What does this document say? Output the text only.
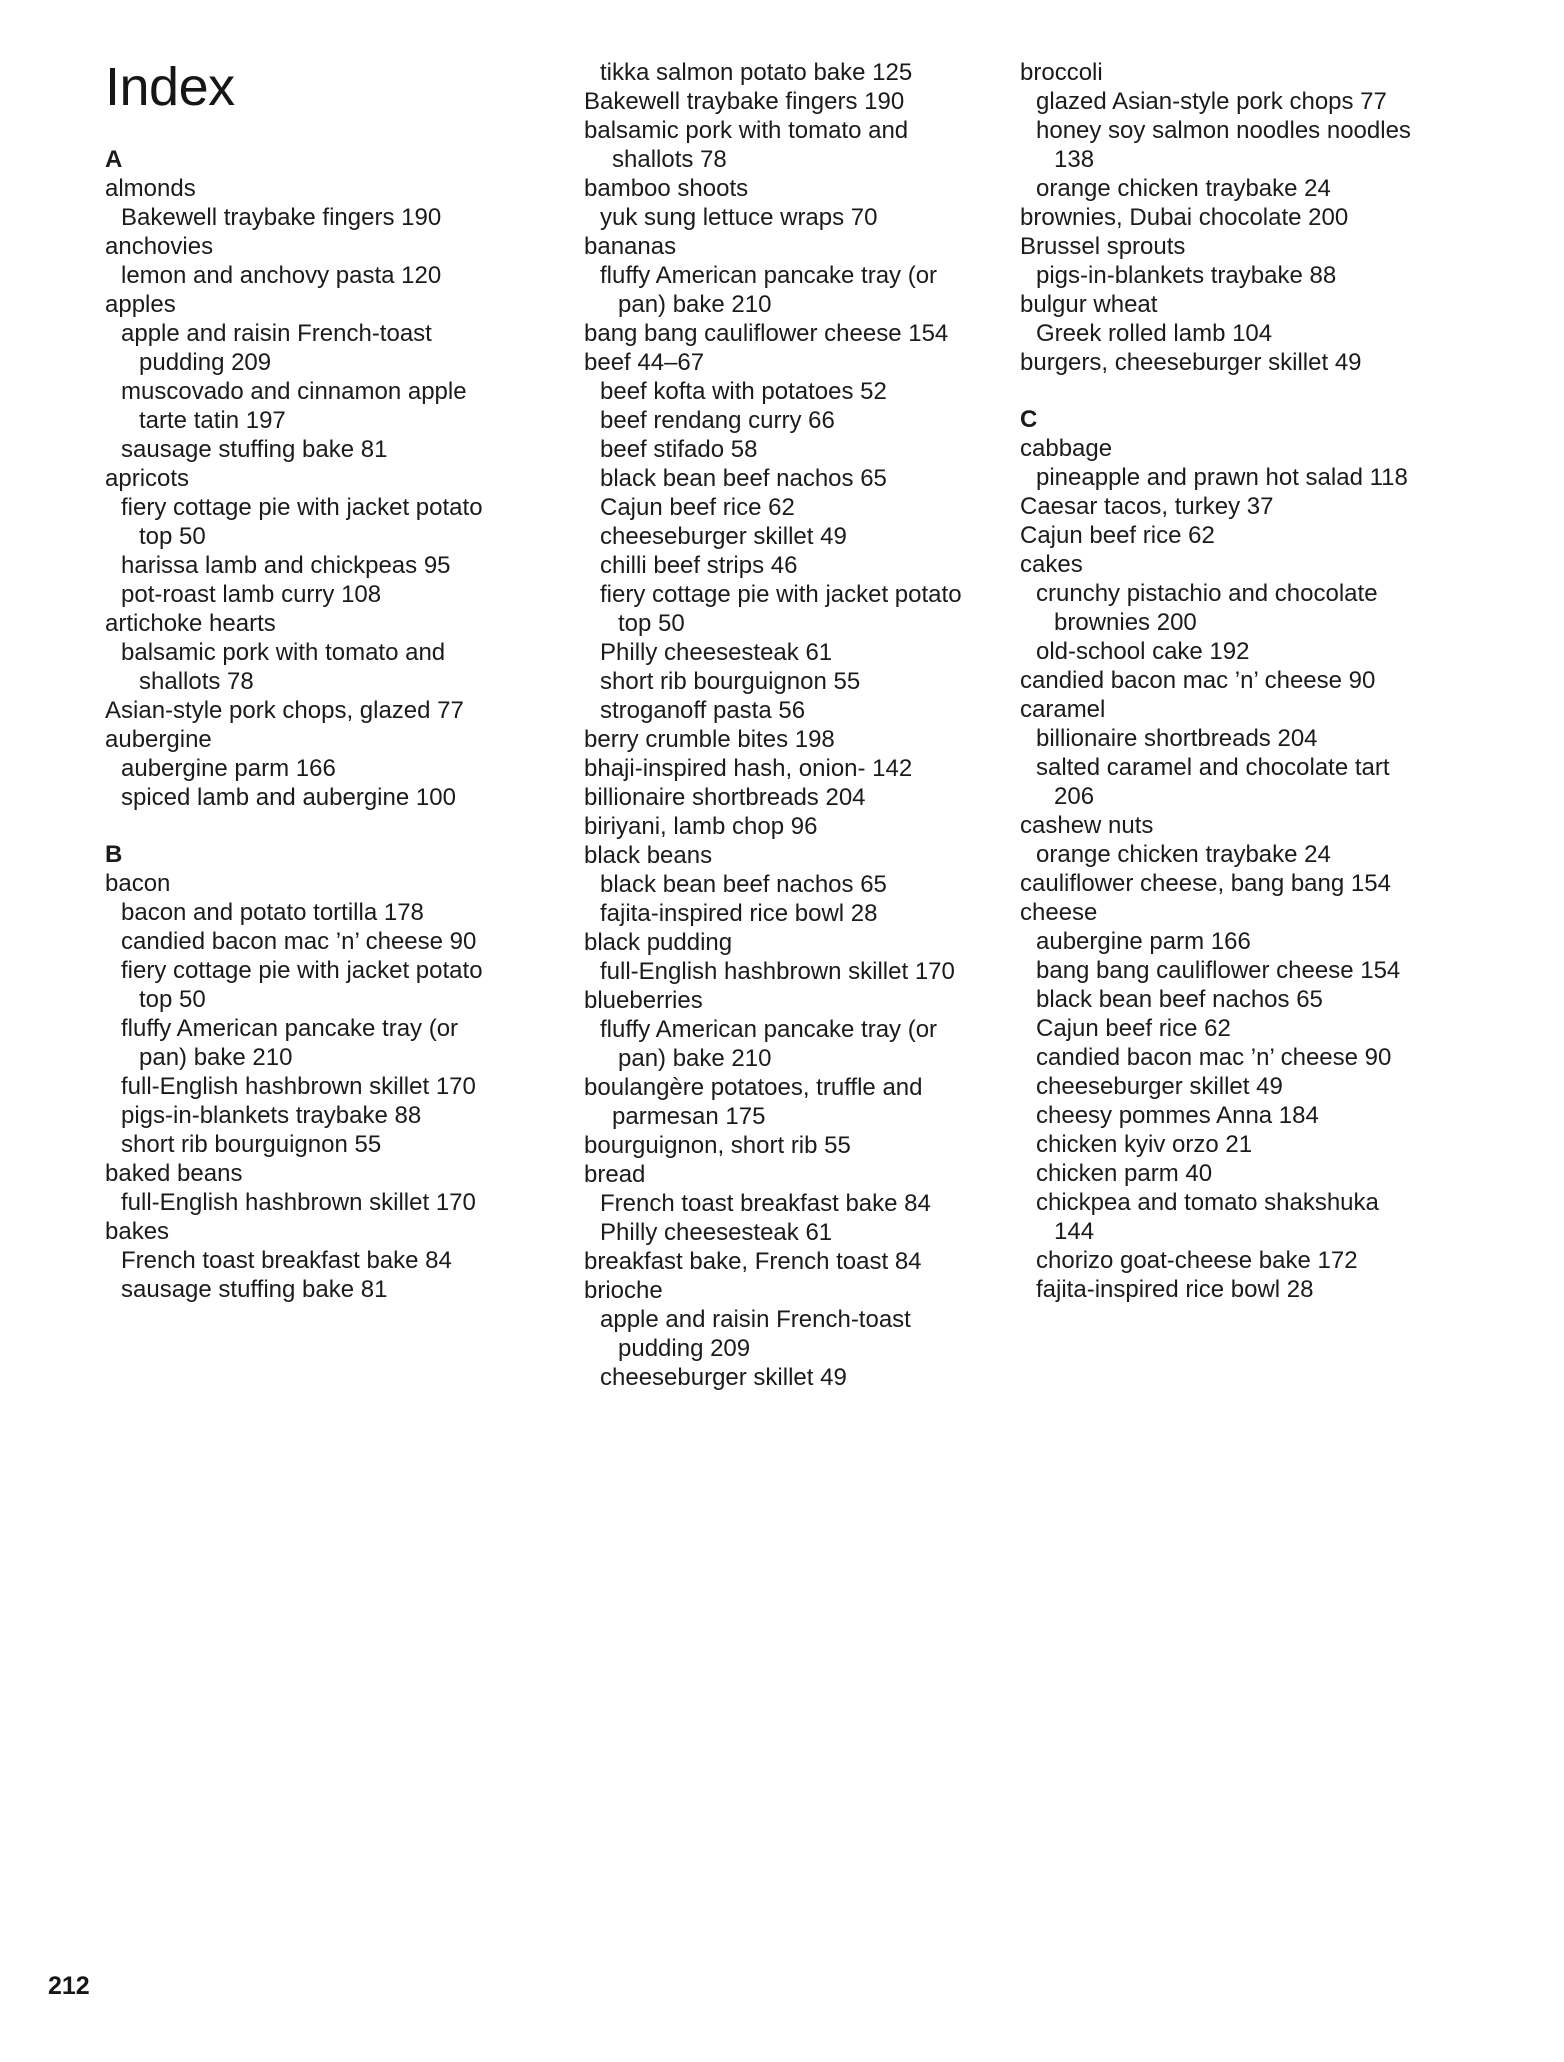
Index
A
almonds
Bakewell traybake fingers 190
anchovies
lemon and anchovy pasta 120
apples
apple and raisin French-toast pudding 209
muscovado and cinnamon apple tarte tatin 197
sausage stuffing bake 81
apricots
fiery cottage pie with jacket potato top 50
harissa lamb and chickpeas 95
pot-roast lamb curry 108
artichoke hearts
balsamic pork with tomato and shallots 78
Asian-style pork chops, glazed 77
aubergine
aubergine parm 166
spiced lamb and aubergine 100
B
bacon
bacon and potato tortilla 178
candied bacon mac ’n’ cheese 90
fiery cottage pie with jacket potato top 50
fluffy American pancake tray (or pan) bake 210
full-English hashbrown skillet 170
pigs-in-blankets traybake 88
short rib bourguignon 55
baked beans
full-English hashbrown skillet 170
bakes
French toast breakfast bake 84
sausage stuffing bake 81
tikka salmon potato bake 125
Bakewell traybake fingers 190
balsamic pork with tomato and shallots 78
bamboo shoots
yuk sung lettuce wraps 70
bananas
fluffy American pancake tray (or pan) bake 210
bang bang cauliflower cheese 154
beef 44–67
beef kofta with potatoes 52
beef rendang curry 66
beef stifado 58
black bean beef nachos 65
Cajun beef rice 62
cheeseburger skillet 49
chilli beef strips 46
fiery cottage pie with jacket potato top 50
Philly cheesesteak 61
short rib bourguignon 55
stroganoff pasta 56
berry crumble bites 198
bhaji-inspired hash, onion- 142
billionaire shortbreads 204
biriyani, lamb chop 96
black beans
black bean beef nachos 65
fajita-inspired rice bowl 28
black pudding
full-English hashbrown skillet 170
blueberries
fluffy American pancake tray (or pan) bake 210
boulangère potatoes, truffle and parmesan 175
bourguignon, short rib 55
bread
French toast breakfast bake 84
Philly cheesesteak 61
breakfast bake, French toast 84
brioche
apple and raisin French-toast pudding 209
cheeseburger skillet 49
broccoli
glazed Asian-style pork chops 77
honey soy salmon noodles noodles 138
orange chicken traybake 24
brownies, Dubai chocolate 200
Brussel sprouts
pigs-in-blankets traybake 88
bulgur wheat
Greek rolled lamb 104
burgers, cheeseburger skillet 49
C
cabbage
pineapple and prawn hot salad 118
Caesar tacos, turkey 37
Cajun beef rice 62
cakes
crunchy pistachio and chocolate brownies 200
old-school cake 192
candied bacon mac ’n’ cheese 90
caramel
billionaire shortbreads 204
salted caramel and chocolate tart 206
cashew nuts
orange chicken traybake 24
cauliflower cheese, bang bang 154
cheese
aubergine parm 166
bang bang cauliflower cheese 154
black bean beef nachos 65
Cajun beef rice 62
candied bacon mac ’n’ cheese 90
cheeseburger skillet 49
cheesy pommes Anna 184
chicken kyiv orzo 21
chicken parm 40
chickpea and tomato shakshuka 144
chorizo goat-cheese bake 172
fajita-inspired rice bowl 28
212
